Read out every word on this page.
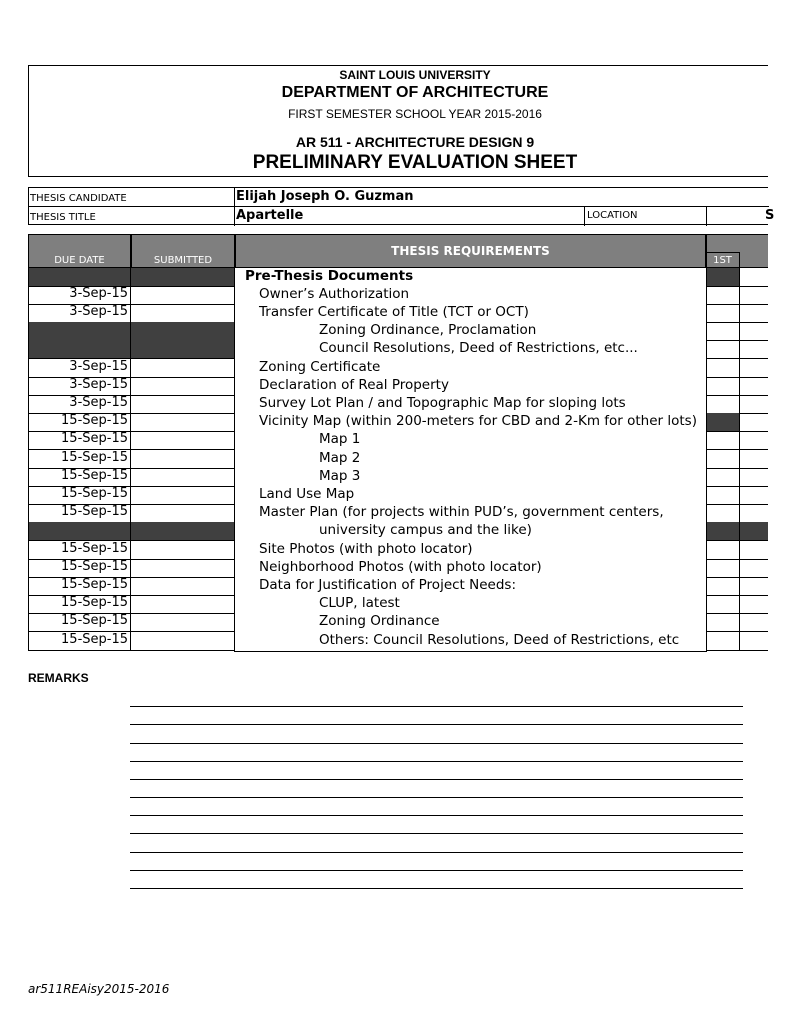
SAINT LOUIS UNIVERSITY
DEPARTMENT OF ARCHITECTURE
FIRST SEMESTER SCHOOL YEAR 2015-2016
AR 511 - ARCHITECTURE DESIGN 9
PRELIMINARY EVALUATION SHEET
THESIS CANDIDATE	Elijah Joseph O. Guzman
THESIS TITLE	Apartelle	LOCATION	S
DUE DATE	SUBMITTED
THESIS REQUIREMENTS
1ST
Pre-Thesis Documents
3-Sep-15	Owner’s Authorization
3-Sep-15	Transfer Certificate of Title (TCT or OCT)
Zoning Ordinance, Proclamation
Council Resolutions, Deed of Restrictions, etc...
3-Sep-15	Zoning Certificate
3-Sep-15	Declaration of Real Property
3-Sep-15	Survey Lot Plan / and Topographic Map for sloping lots
15-Sep-15	Vicinity Map (within 200-meters for CBD and 2-Km for other lots)
15-Sep-15	Map 1
15-Sep-15	Map 2
15-Sep-15	Map 3
15-Sep-15	Land Use Map
15-Sep-15	Master Plan (for projects within PUD’s, government centers,
university campus and the like)
15-Sep-15	Site Photos (with photo locator)
15-Sep-15	Neighborhood Photos (with photo locator)
15-Sep-15	Data for Justification of Project Needs:
15-Sep-15	CLUP, latest
15-Sep-15	Zoning Ordinance
15-Sep-15	Others: Council Resolutions, Deed of Restrictions, etc
REMARKS
ar511REAisy2015-2016
